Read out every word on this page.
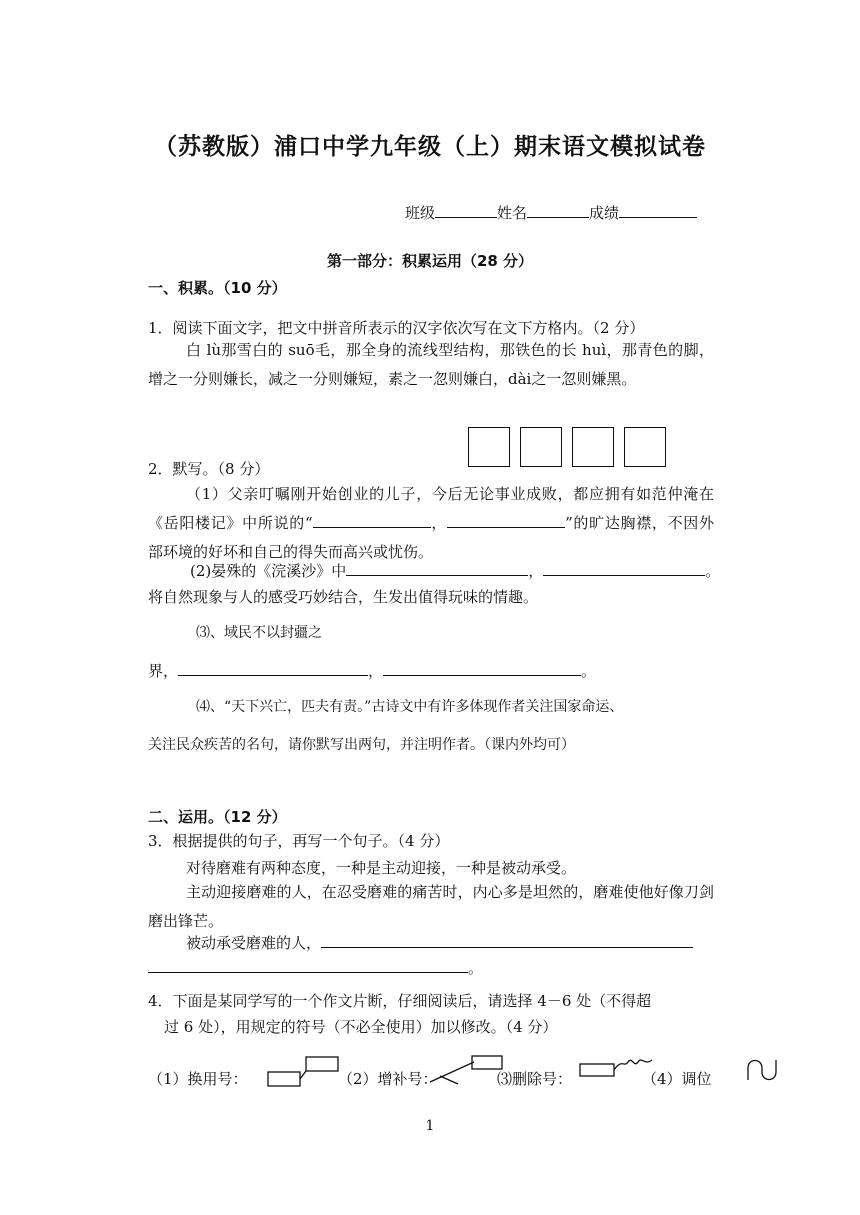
（苏教版）浦口中学九年级（上）期末语文模拟试卷
班级	姓名	成绩
第一部分：积累运用（28 分）
一、积累。（10 分）
1．阅读下面文字，把文中拼音所表示的汉字依次写在文下方格内。（2 分）
白 lù那雪白的 suō毛，那全身的流线型结构，那铁色的长 huì，那青色的脚，增之一分则嫌长，减之一分则嫌短，素之一忽则嫌白，dài之一忽则嫌黑。
2．默写。（8 分）
（1）父亲叮嘱刚开始创业的儿子，今后无论事业成败，都应拥有如范仲淹在《岳阳楼记》中所说的“	，	”的旷达胸襟，不因外部环境的好坏和自己的得失而高兴或忧伤。
(2)晏殊的《浣溪沙》中	，	。
将自然现象与人的感受巧妙结合，生发出值得玩味的情趣。
⑶、域民不以封疆之
界，	，	。
⑷、“天下兴亡，匹夫有责。”古诗文中有许多体现作者关注国家命运、
关注民众疾苦的名句，请你默写出两句，并注明作者。（课内外均可）
二、运用。（12 分）
3．根据提供的句子，再写一个句子。（4 分）
对待磨难有两种态度，一种是主动迎接，一种是被动承受。
主动迎接磨难的人，在忍受磨难的痛苦时，内心多是坦然的，磨难使他好像刀剑磨出锋芒。
被动承受磨难的人，
。
4．下面是某同学写的一个作文片断，仔细阅读后，请选择 4－6 处（不得超
过 6 处），用规定的符号（不必全使用）加以修改。（4 分）
（1）换用号：	（2）增补号：	⑶删除号：	（4）调位
1
